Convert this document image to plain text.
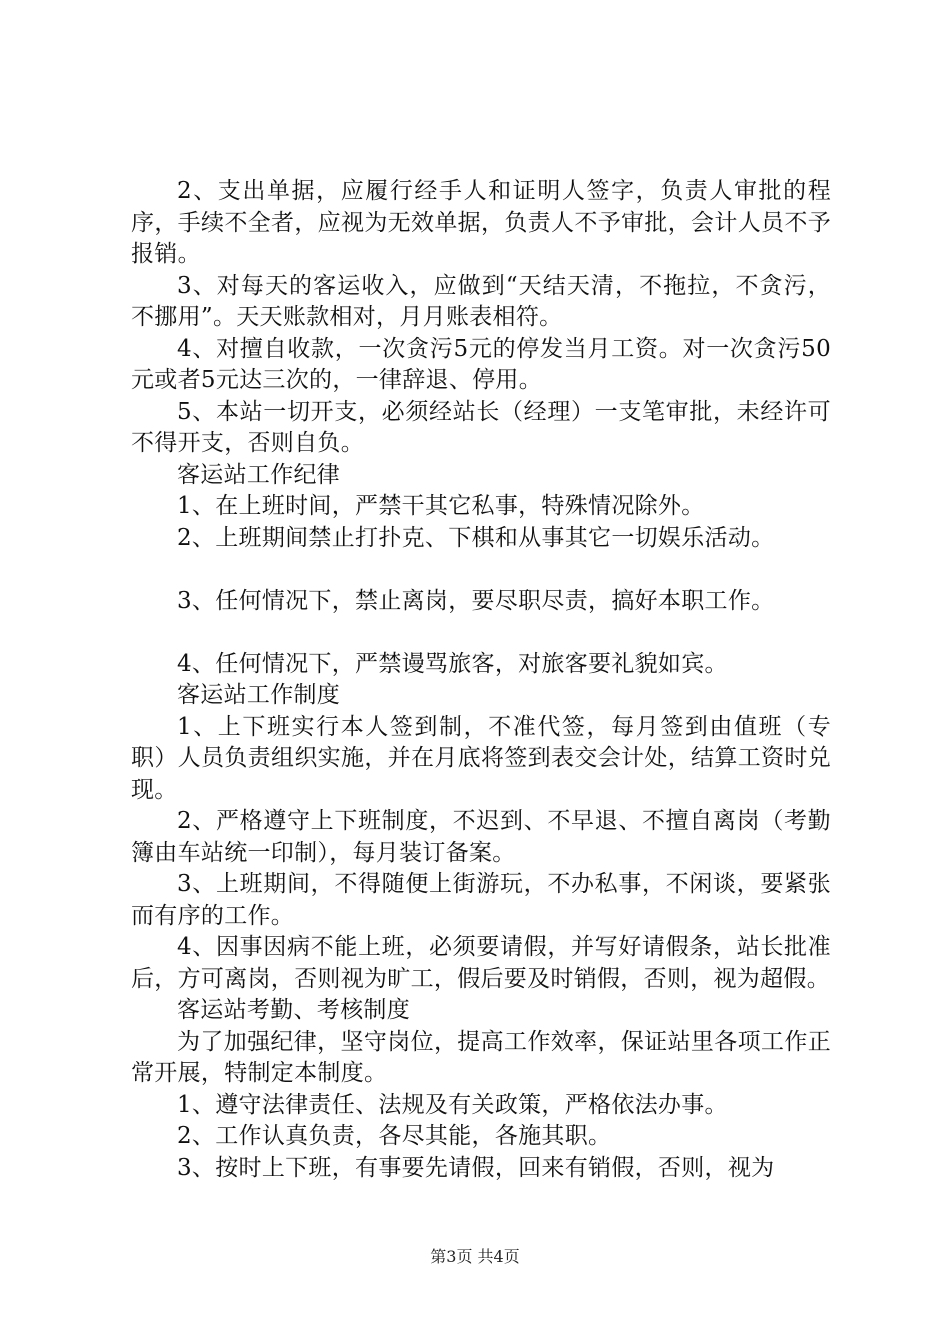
2、支出单据，应履行经手人和证明人签字，负责人审批的程序，手续不全者，应视为无效单据，负责人不予审批，会计人员不予报销。

3、对每天的客运收入，应做到“天结天清，不拖拉，不贪污，不挪用”。天天账款相对，月月账表相符。

4、对擅自收款，一次贪污5元的停发当月工资。对一次贪污50元或者5元达三次的，一律辞退、停用。

5、本站一切开支，必须经站长（经理）一支笔审批，未经许可不得开支，否则自负。

客运站工作纪律

1、在上班时间，严禁干其它私事，特殊情况除外。

2、上班期间禁止打扑克、下棋和从事其它一切娱乐活动。

3、任何情况下，禁止离岗，要尽职尽责，搞好本职工作。

4、任何情况下，严禁谩骂旅客，对旅客要礼貌如宾。

客运站工作制度

1、上下班实行本人签到制，不准代签，每月签到由值班（专职）人员负责组织实施，并在月底将签到表交会计处，结算工资时兑现。

2、严格遵守上下班制度，不迟到、不早退、不擅自离岗（考勤簿由车站统一印制），每月装订备案。

3、上班期间，不得随便上街游玩，不办私事，不闲谈，要紧张而有序的工作。

4、因事因病不能上班，必须要请假，并写好请假条，站长批准后，方可离岗，否则视为旷工，假后要及时销假，否则，视为超假。

客运站考勤、考核制度

为了加强纪律，坚守岗位，提高工作效率，保证站里各项工作正常开展，特制定本制度。

1、遵守法律责任、法规及有关政策，严格依法办事。

2、工作认真负责，各尽其能，各施其职。

3、按时上下班，有事要先请假，回来有销假，否则，视为

第3页 共4页
